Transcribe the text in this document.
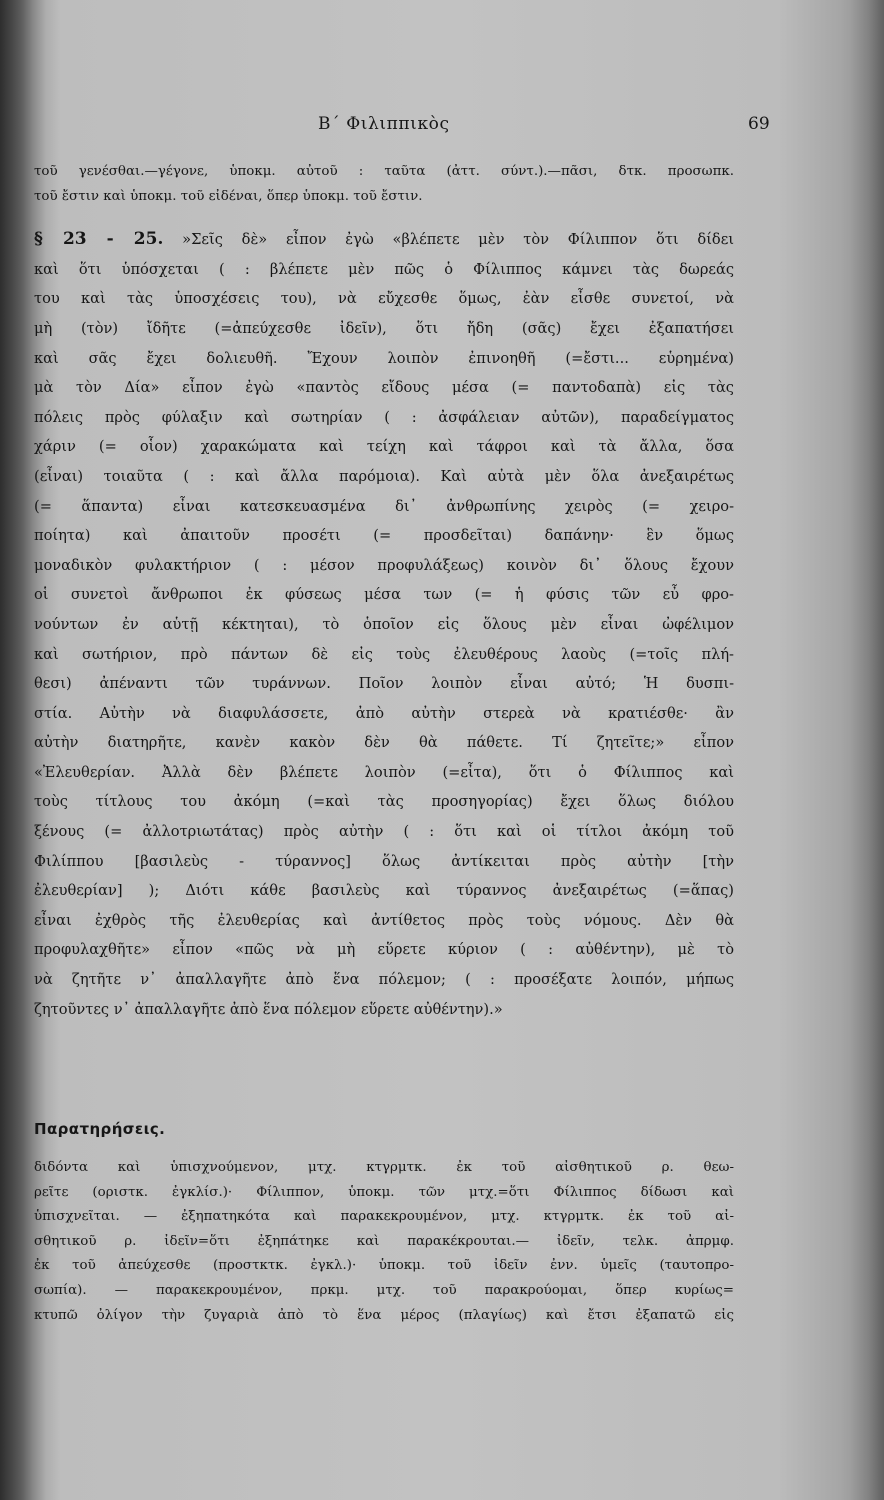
Β΄ Φιλιππικὸς	69
τοῦ γενέσθαι.—γέγονε, ὑποκμ. αὐτοῦ : ταῦτα (ἀττ. σύντ.).—πᾶσι, δτκ. προσωπκ.
τοῦ ἔστιν καὶ ὑποκμ. τοῦ εἰδέναι, ὅπερ ὑποκμ. τοῦ ἔστιν.
§ 23 - 25. »Σεῖς δὲ» εἶπον ἐγὼ «βλέπετε μὲν τὸν Φίλιππον ὅτι δίδει
καὶ ὅτι ὑπόσχεται ( : βλέπετε μὲν πῶς ὁ Φίλιππος κάμνει τὰς δωρεάς
του καὶ τὰς ὑποσχέσεις του), νὰ εὔχεσθε ὅμως, ἐὰν εἶσθε συνετοί, νὰ
μὴ (τὸν) ἴδῆτε (=ἀπεύχεσθε ἰδεῖν), ὅτι ἤδη (σᾶς) ἔχει ἐξαπατήσει
καὶ σᾶς ἔχει δολιευθῆ. Ἔχουν λοιπὸν ἐπινοηθῆ (=ἔστι... εὑρημένα)
μὰ τὸν Δία» εἶπον ἐγὼ «παντὸς εἴδους μέσα (= παντοδαπὰ) εἰς τὰς
πόλεις πρὸς φύλαξιν καὶ σωτηρίαν ( : ἀσφάλειαν αὐτῶν), παραδείγματος
χάριν (= οἷον) χαρακώματα καὶ τείχη καὶ τάφροι καὶ τὰ ἄλλα, ὅσα
(εἶναι) τοιαῦτα ( : καὶ ἄλλα παρόμοια). Καὶ αὐτὰ μὲν ὅλα ἀνεξαιρέτως
(= ἅπαντα) εἶναι κατεσκευασμένα δι᾽ ἀνθρωπίνης χειρὸς (= χειρο-
ποίητα) καὶ ἀπαιτοῦν προσέτι (= προσδεῖται) δαπάνην· ἓν ὅμως
μοναδικὸν φυλακτήριον ( : μέσον προφυλάξεως) κοινὸν δι᾽ ὅλους ἔχουν
οἱ συνετοὶ ἄνθρωποι ἐκ φύσεως μέσα των (= ἡ φύσις τῶν εὖ φρο-
νούντων ἐν αὑτῇ κέκτηται), τὸ ὁποῖον εἰς ὅλους μὲν εἶναι ὠφέλιμον
καὶ σωτήριον, πρὸ πάντων δὲ εἰς τοὺς ἐλευθέρους λαοὺς (=τοῖς πλή-
θεσι) ἀπέναντι τῶν τυράννων. Ποῖον λοιπὸν εἶναι αὐτό; Ἡ δυσπι-
στία. Αὐτὴν νὰ διαφυλάσσετε, ἀπὸ αὐτὴν στερεὰ νὰ κρατιέσθε· ἂν
αὐτὴν διατηρῆτε, κανὲν κακὸν δὲν θὰ πάθετε. Τί ζητεῖτε;» εἶπον
«Ἐλευθερίαν. Ἀλλὰ δὲν βλέπετε λοιπὸν (=εἶτα), ὅτι ὁ Φίλιππος καὶ
τοὺς τίτλους του ἀκόμη (=καὶ τὰς προσηγορίας) ἔχει ὅλως διόλου
ξένους (= ἀλλοτριωτάτας) πρὸς αὐτὴν ( : ὅτι καὶ οἱ τίτλοι ἀκόμη τοῦ
Φιλίππου [βασιλεὺς - τύραννος] ὅλως ἀντίκειται πρὸς αὐτὴν [τὴν
ἐλευθερίαν] ); Διότι κάθε βασιλεὺς καὶ τύραννος ἀνεξαιρέτως (=ἅπας)
εἶναι ἐχθρὸς τῆς ἐλευθερίας καὶ ἀντίθετος πρὸς τοὺς νόμους. Δὲν θὰ
προφυλαχθῆτε» εἶπον «πῶς νὰ μὴ εὕρετε κύριον ( : αὐθέντην), μὲ τὸ
νὰ ζητῆτε ν᾽ ἀπαλλαγῆτε ἀπὸ ἕνα πόλεμον; ( : προσέξατε λοιπόν, μήπως
ζητοῦντες ν᾽ ἀπαλλαγῆτε ἀπὸ ἕνα πόλεμον εὕρετε αὐθέντην).»
Παρατηρήσεις.
διδόντα καὶ ὑπισχνούμενον, μτχ. κτγρμτκ. ἐκ τοῦ αἰσθητικοῦ ρ. θεω-
ρεῖτε (οριστκ. ἐγκλίσ.)· Φίλιππον, ὑποκμ. τῶν μτχ.=ὅτι Φίλιππος δίδωσι καὶ
ὑπισχνεῖται. — ἐξηπατηκότα καὶ παρακεκρουμένον, μτχ. κτγρμτκ. ἐκ τοῦ αἰ-
σθητικοῦ ρ. ἰδεῖν=ὅτι ἐξηπάτηκε καὶ παρακέκρουται.— ἰδεῖν, τελκ. ἀπρμφ.
ἐκ τοῦ ἀπεύχεσθε (προστκτκ. ἐγκλ.)· ὑποκμ. τοῦ ἰδεῖν ἐνν. ὑμεῖς (ταυτοπρο-
σωπία). — παρακεκρουμένον, πρκμ. μτχ. τοῦ παρακρούομαι, ὅπερ κυρίως=
κτυπῶ ὀλίγον τὴν ζυγαριὰ ἀπὸ τὸ ἕνα μέρος (πλαγίως) καὶ ἔτσι ἐξαπατῶ εἰς
